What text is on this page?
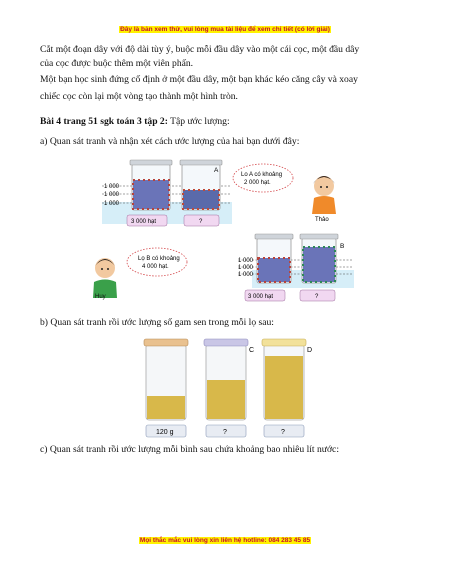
Đây là bản xem thử, vui lòng mua tài liệu để xem chi tiết (có lời giải)
Cắt một đoạn dây với độ dài tùy ý, buộc mỗi đầu dây vào một cái cọc, một đầu dây
của cọc được buộc thêm một viên phấn.
Một bạn học sinh đứng cố định ở một đầu dây, một bạn khác kéo căng cây và xoay
chiếc cọc còn lại một vòng tạo thành một hình tròn.
Bài 4 trang 51 sgk toán 3 tập 2: Tập ước lượng:
a) Quan sát tranh và nhận xét cách ước lượng của hai bạn dưới đây:
1 000
1 000
1 000
A
3 000 hạt	?
Lo A có khoảng
2 000 hạt.
Thảo
1 000
1 000
1 000
B
3 000 hạt	?
Lọ B có khoảng
4 000 hạt.
Huy
b) Quan sát tranh rồi ước lượng số gam sen trong mỗi lọ sau:
C	D
120 g	?	?
c) Quan sát tranh rồi ước lượng mỗi bình sau chứa khoảng bao nhiêu lít nước:
Mọi thắc mắc vui lòng xin liên hệ hotline: 084 283 45 85
